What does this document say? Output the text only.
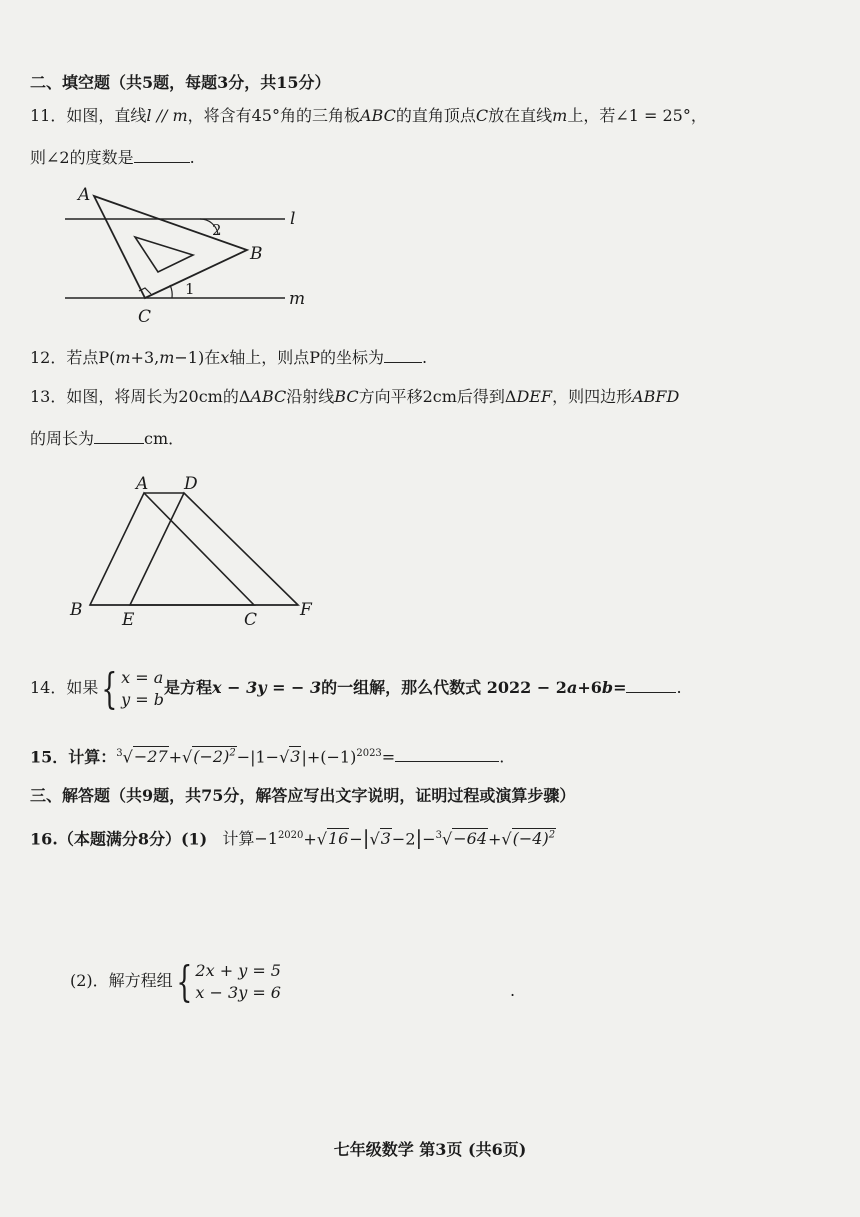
二、填空题（共5题，每题3分，共15分）
11．如图，直线l // m，将含有45°角的三角板ABC的直角顶点C放在直线m上，若∠1 = 25°，
则∠2的度数是	.
A
B
C
l
m
1
2
12．若点P(m+3,m−1)在x轴上，则点P的坐标为 .
13．如图，将周长为20cm的ΔABC沿射线BC方向平移2cm后得到ΔDEF，则四边形ABFD
的周长为	cm．
A D
B E	C	F
14．如果 { x = a
y = b
是方程x − 3y = − 3的一组解，那么代数式 2022 − 2a+6b=	.
15．计算：$^3√-27+√(-2)^2-|1-√3|+(-1)^{2023}=$	.
三、解答题（共9题，共75分，解答应写出文字说明，证明过程或演算步骤）
16.（本题满分8分）(1) 计算$-1^{2020}+√16-|√3-2|-^3√-64+√(-4)^2$
(2)．解方程组 { 2x + y = 5
x − 3y = 6	.
七年级数学 第3页 (共6页)
